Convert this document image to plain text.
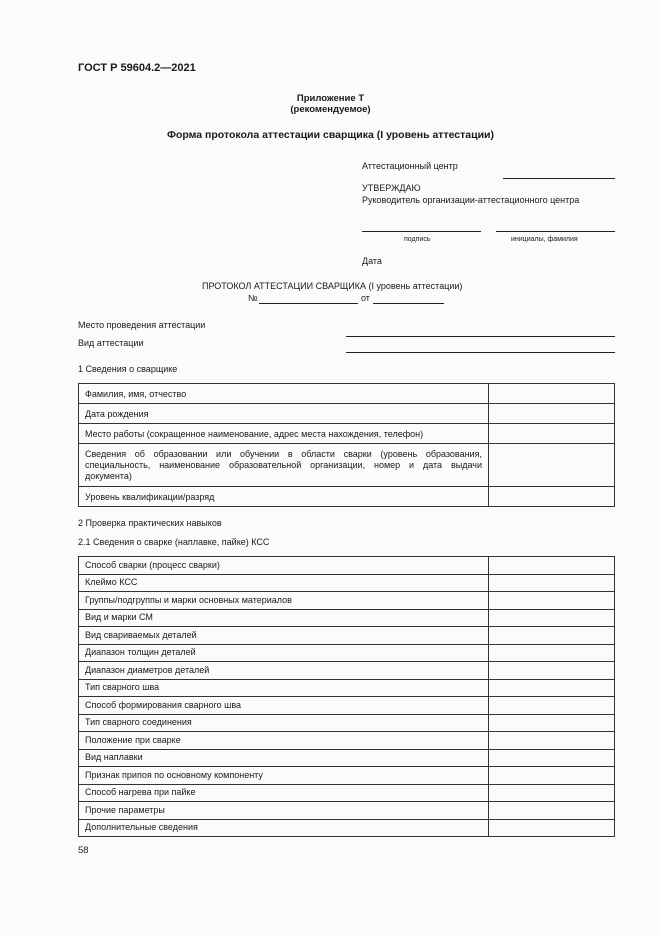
ГОСТ Р 59604.2—2021
Приложение Т
(рекомендуемое)
Форма протокола аттестации сварщика (I уровень аттестации)
Аттестационный центр
УТВЕРЖДАЮ
Руководитель организации-аттестационного центра
подпись	инициалы, фамилия
Дата
ПРОТОКОЛ АТТЕСТАЦИИ СВАРЩИКА (I уровень аттестации)
№	от
Место проведения аттестации
Вид аттестации
1 Сведения о сварщике
Фамилия, имя, отчество	
Дата рождения	
Место работы (сокращенное наименование, адрес места нахождения, телефон)	
Сведения об образовании или обучении в области сварки (уровень образования, специальность, наименование образовательной организации, номер и дата выдачи документа)	
Уровень квалификации/разряд	
2 Проверка практических навыков
2.1 Сведения о сварке (наплавке, пайке) КСС
Способ сварки (процесс сварки)	
Клеймо КСС	
Группы/подгруппы и марки основных материалов	
Вид и марки СМ	
Вид свариваемых деталей	
Диапазон толщин деталей	
Диапазон диаметров деталей	
Тип сварного шва	
Способ формирования сварного шва	
Тип сварного соединения	
Положение при сварке	
Вид наплавки	
Признак припоя по основному компоненту	
Способ нагрева при пайке	
Прочие параметры	
Дополнительные сведения	
58
